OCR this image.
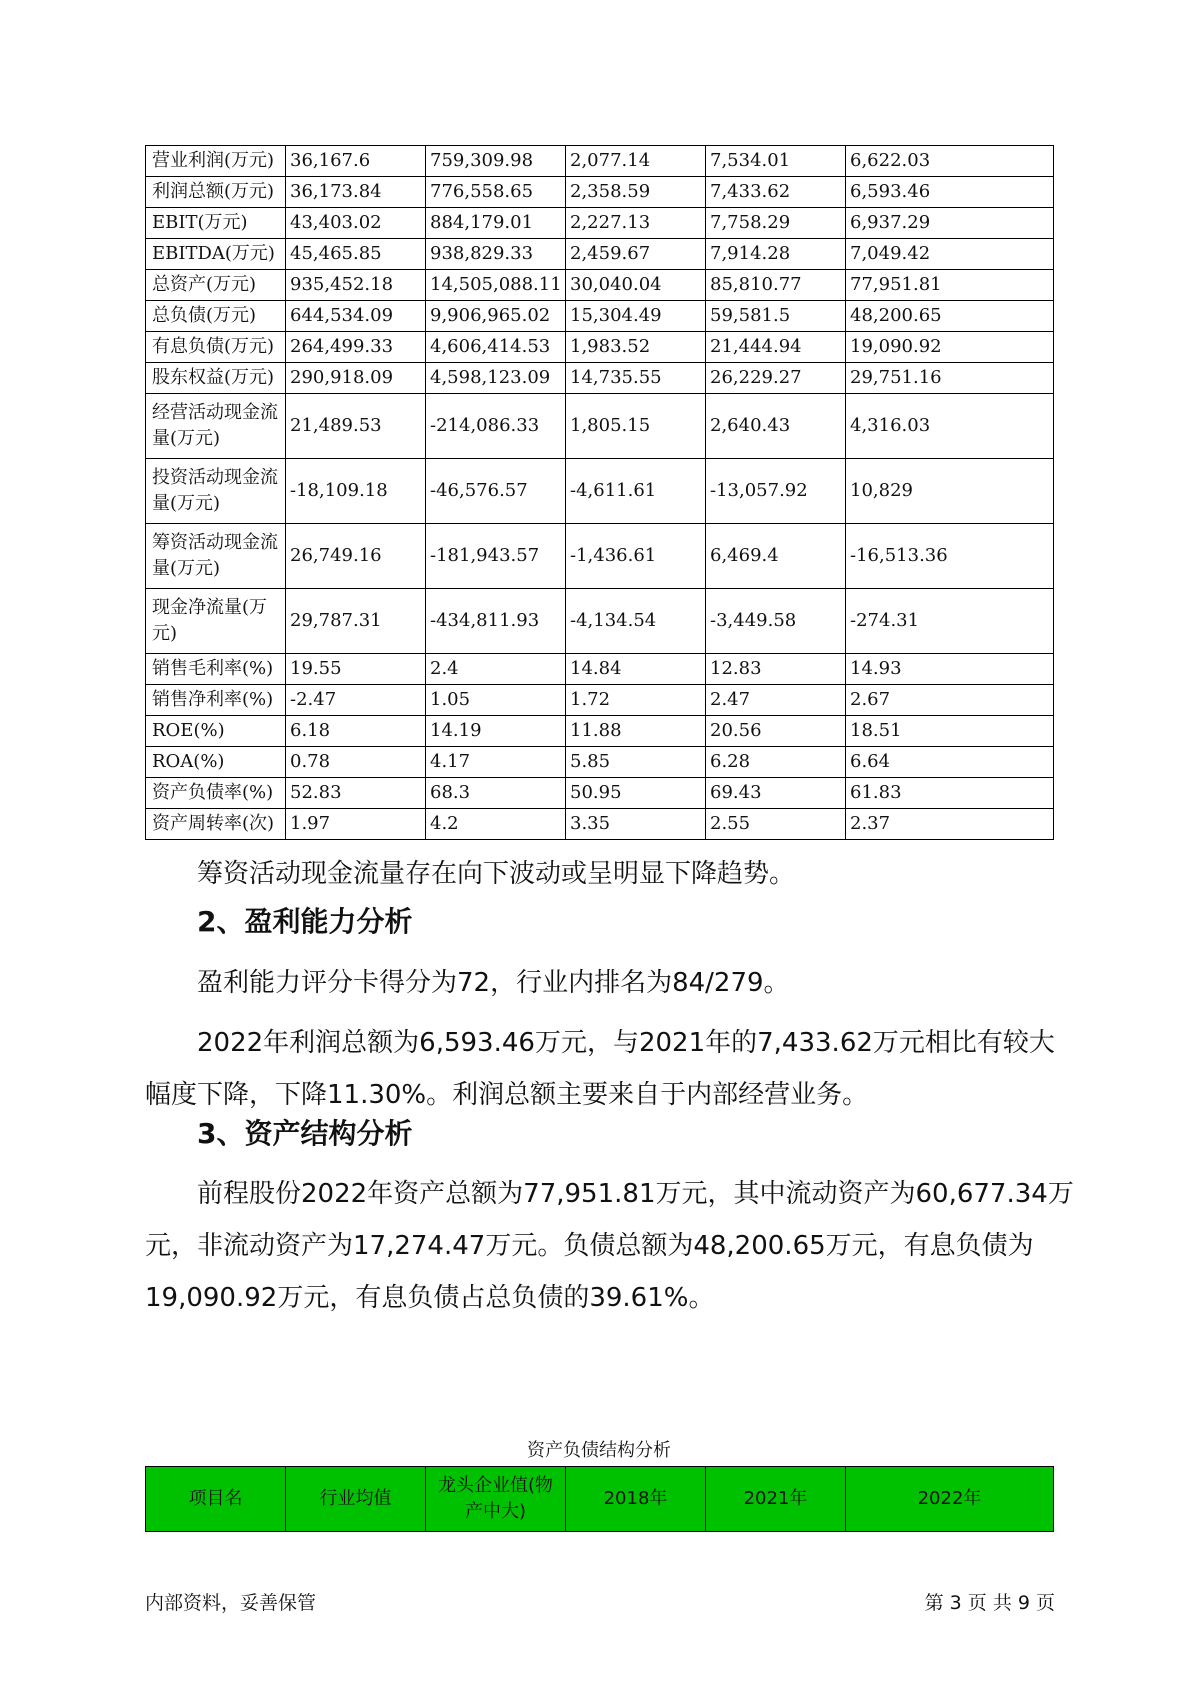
营业利润(万元)	36,167.6	759,309.98	2,077.14	7,534.01	6,622.03
利润总额(万元)	36,173.84	776,558.65	2,358.59	7,433.62	6,593.46
EBIT(万元)	43,403.02	884,179.01	2,227.13	7,758.29	6,937.29
EBITDA(万元)	45,465.85	938,829.33	2,459.67	7,914.28	7,049.42
总资产(万元)	935,452.18	14,505,088.11	30,040.04	85,810.77	77,951.81
总负债(万元)	644,534.09	9,906,965.02	15,304.49	59,581.5	48,200.65
有息负债(万元)	264,499.33	4,606,414.53	1,983.52	21,444.94	19,090.92
股东权益(万元)	290,918.09	4,598,123.09	14,735.55	26,229.27	29,751.16
经营活动现金流量(万元)	21,489.53	-214,086.33	1,805.15	2,640.43	4,316.03
投资活动现金流量(万元)	-18,109.18	-46,576.57	-4,611.61	-13,057.92	10,829
筹资活动现金流量(万元)	26,749.16	-181,943.57	-1,436.61	6,469.4	-16,513.36
现金净流量(万元)	29,787.31	-434,811.93	-4,134.54	-3,449.58	-274.31
销售毛利率(%)	19.55	2.4	14.84	12.83	14.93
销售净利率(%)	-2.47	1.05	1.72	2.47	2.67
ROE(%)	6.18	14.19	11.88	20.56	18.51
ROA(%)	0.78	4.17	5.85	6.28	6.64
资产负债率(%)	52.83	68.3	50.95	69.43	61.83
资产周转率(次)	1.97	4.2	3.35	2.55	2.37

筹资活动现金流量存在向下波动或呈明显下降趋势。

2、盈利能力分析

盈利能力评分卡得分为72，行业内排名为84/279。

2022年利润总额为6,593.46万元，与2021年的7,433.62万元相比有较大幅度下降，下降11.30%。利润总额主要来自于内部经营业务。

3、资产结构分析

前程股份2022年资产总额为77,951.81万元，其中流动资产为60,677.34万元，非流动资产为17,274.47万元。负债总额为48,200.65万元，有息负债为19,090.92万元，有息负债占总负债的39.61%。

资产负债结构分析
项目名	行业均值	龙头企业值(物产中大)	2018年	2021年	2022年
内部资料，妥善保管	第 3 页 共 9 页
